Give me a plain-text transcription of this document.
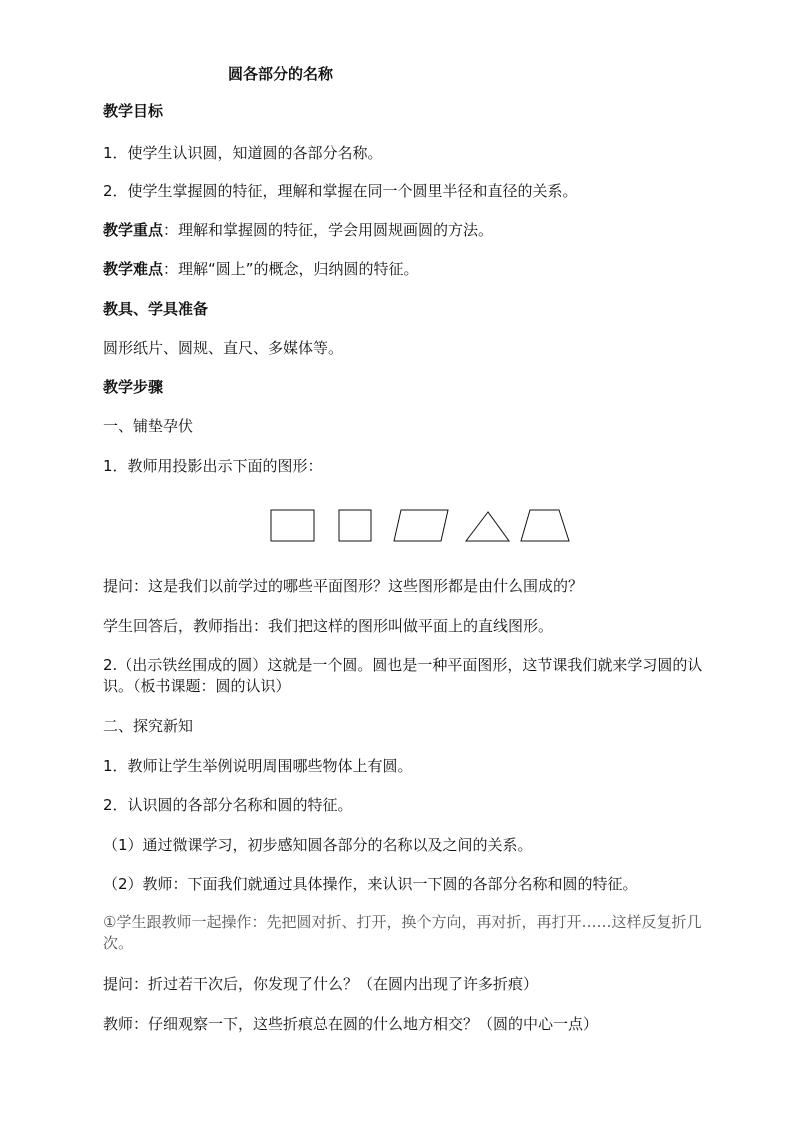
圆各部分的名称
教学目标
1．使学生认识圆，知道圆的各部分名称。
2．使学生掌握圆的特征，理解和掌握在同一个圆里半径和直径的关系。
教学重点：理解和掌握圆的特征，学会用圆规画圆的方法。
教学难点：理解“圆上”的概念，归纳圆的特征。
教具、学具准备
圆形纸片、圆规、直尺、多媒体等。
教学步骤
一、铺垫孕伏
1．教师用投影出示下面的图形：
提问：这是我们以前学过的哪些平面图形？这些图形都是由什么围成的？
学生回答后，教师指出：我们把这样的图形叫做平面上的直线图形。
2.（出示铁丝围成的圆）这就是一个圆。圆也是一种平面图形，这节课我们就来学习圆的认识。（板书课题：圆的认识）
二、探究新知
1．教师让学生举例说明周围哪些物体上有圆。
2．认识圆的各部分名称和圆的特征。
（1）通过微课学习，初步感知圆各部分的名称以及之间的关系。
（2）教师：下面我们就通过具体操作，来认识一下圆的各部分名称和圆的特征。
①学生跟教师一起操作：先把圆对折、打开，换个方向，再对折，再打开……这样反复折几次。
提问：折过若干次后，你发现了什么？（在圆内出现了许多折痕）
教师：仔细观察一下，这些折痕总在圆的什么地方相交？（圆的中心一点）
